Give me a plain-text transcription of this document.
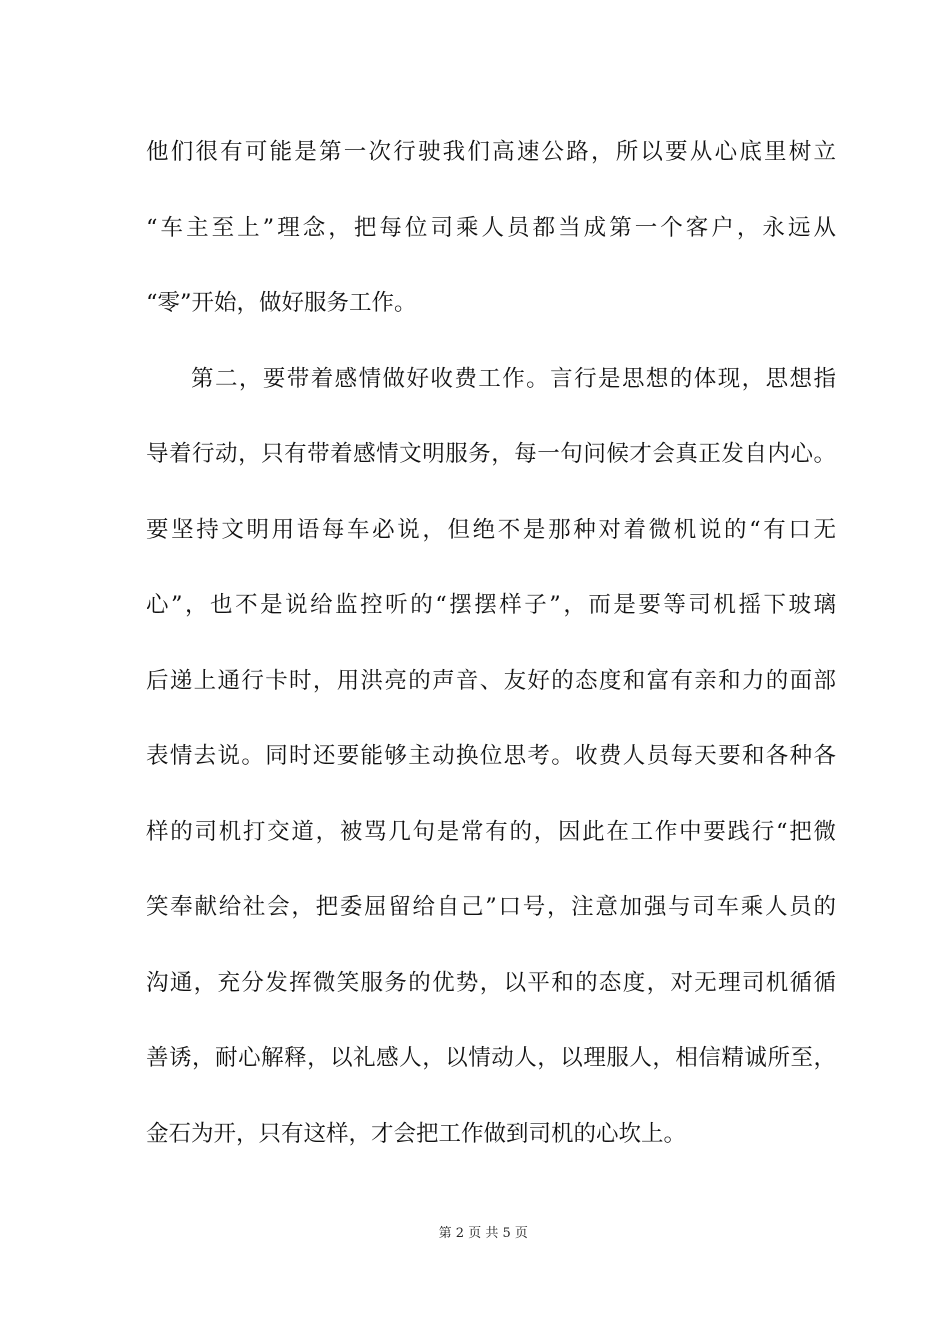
他们很有可能是第一次行驶我们高速公路，所以要从心底里树立
“车主至上”理念，把每位司乘人员都当成第一个客户，永远从
“零”开始，做好服务工作。
第二，要带着感情做好收费工作。言行是思想的体现，思想指
导着行动，只有带着感情文明服务，每一句问候才会真正发自内心。
要坚持文明用语每车必说，但绝不是那种对着微机说的“有口无
心”，也不是说给监控听的“摆摆样子”，而是要等司机摇下玻璃
后递上通行卡时，用洪亮的声音、友好的态度和富有亲和力的面部
表情去说。同时还要能够主动换位思考。收费人员每天要和各种各
样的司机打交道，被骂几句是常有的，因此在工作中要践行“把微
笑奉献给社会，把委屈留给自己”口号，注意加强与司车乘人员的
沟通，充分发挥微笑服务的优势，以平和的态度，对无理司机循循
善诱，耐心解释，以礼感人，以情动人，以理服人，相信精诚所至，
金石为开，只有这样，才会把工作做到司机的心坎上。

第 2 页 共 5 页
